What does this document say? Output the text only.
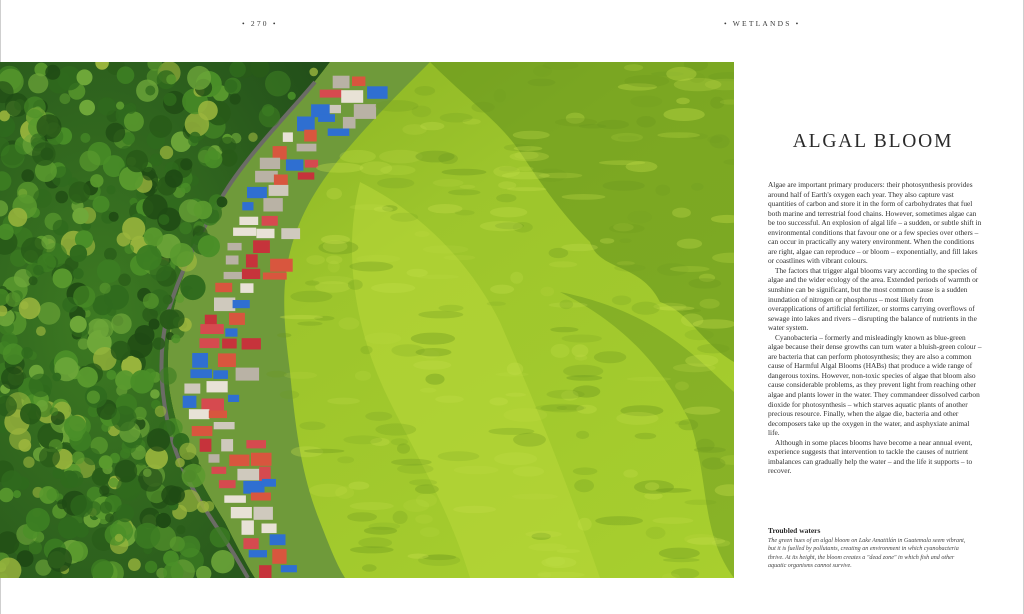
• 270 •	• WETLANDS •
ALGAL BLOOM

Algae are important primary producers: their photosynthesis provides around half of Earth's oxygen each year. They also capture vast quantities of carbon and store it in the form of carbohydrates that fuel both marine and terrestrial food chains. However, sometimes algae can be too successful. An explosion of algal life – a sudden, or subtle shift in environmental conditions that favour one or a few species over others – can occur in practically any watery environment. When the conditions are right, algae can reproduce – or bloom – exponentially, and fill lakes or coastlines with vibrant colours.

The factors that trigger algal blooms vary according to the species of algae and the wider ecology of the area. Extended periods of warmth or sunshine can be significant, but the most common cause is a sudden inundation of nitrogen or phosphorus – most likely from overapplications of artificial fertilizer, or storms carrying overflows of sewage into lakes and rivers – disrupting the balance of nutrients in the water system.

Cyanobacteria – formerly and misleadingly known as blue-green algae because their dense growths can turn water a bluish-green colour – are bacteria that can perform photosynthesis; they are also a common cause of Harmful Algal Blooms (HABs) that produce a wide range of dangerous toxins. However, non-toxic species of algae that bloom also cause considerable problems, as they prevent light from reaching other algae and plants lower in the water. They commandeer dissolved carbon dioxide for photosynthesis – which starves aquatic plants of another precious resource. Finally, when the algae die, bacteria and other decomposers take up the oxygen in the water, and asphyxiate animal life.

Although in some places blooms have become a near annual event, experience suggests that intervention to tackle the causes of nutrient imbalances can gradually help the water – and the life it supports – to recover.

Troubled waters
The green hues of an algal bloom on Lake Amatitlán in Guatemala seem vibrant, but it is fuelled by pollutants, creating an environment in which cyanobacteria thrive. At its height, the bloom creates a "dead zone" in which fish and other aquatic organisms cannot survive.
